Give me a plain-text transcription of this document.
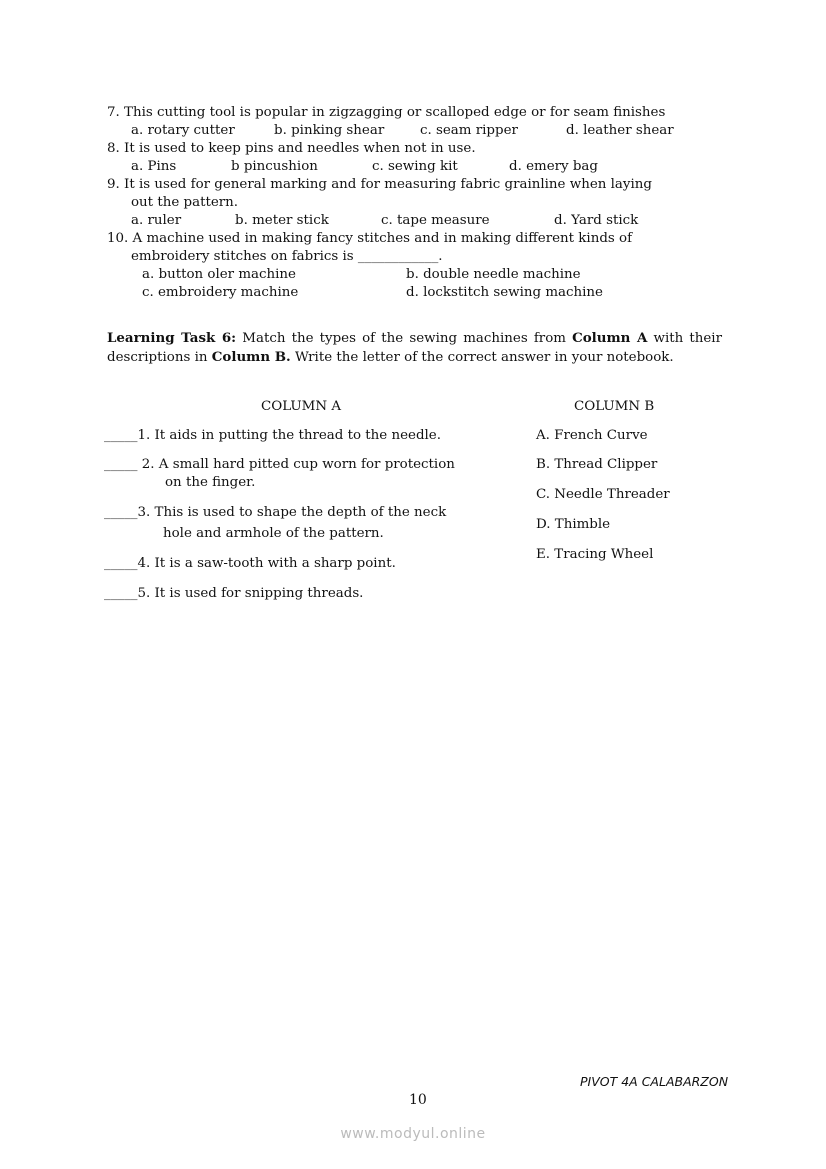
7. This cutting tool is popular in zigzagging or scalloped edge or for seam finishes
a. rotary cutter	b. pinking shear	c. seam ripper	d. leather shear
8. It is used to keep pins and needles when not in use.
a. Pins	b pincushion	c. sewing kit	d. emery bag
9. It is used for general marking and for measuring fabric grainline when laying
out the pattern.
a. ruler	b. meter stick	c. tape measure	d. Yard stick
10. A machine used in making fancy stitches and in making different kinds of
embroidery stitches on fabrics is ____________.
a. button oler machine	b. double needle machine
c. embroidery machine	d. lockstitch sewing machine
Learning Task 6: Match the types of the sewing machines from Column A with their descriptions in Column B. Write the letter of the correct answer in your notebook.
COLUMN A
_____1. It aids in putting the thread to the needle.
_____ 2. A small hard pitted cup worn for protection
on the finger.
_____3. This is used to shape the depth of the neck
hole and armhole of the pattern.
_____4. It is a saw-tooth with a sharp point.
_____5. It is used for snipping threads.
COLUMN B
A. French Curve
B. Thread Clipper
C. Needle Threader
D. Thimble
E. Tracing Wheel
PIVOT 4A CALABARZON
10
www.modyul.online
